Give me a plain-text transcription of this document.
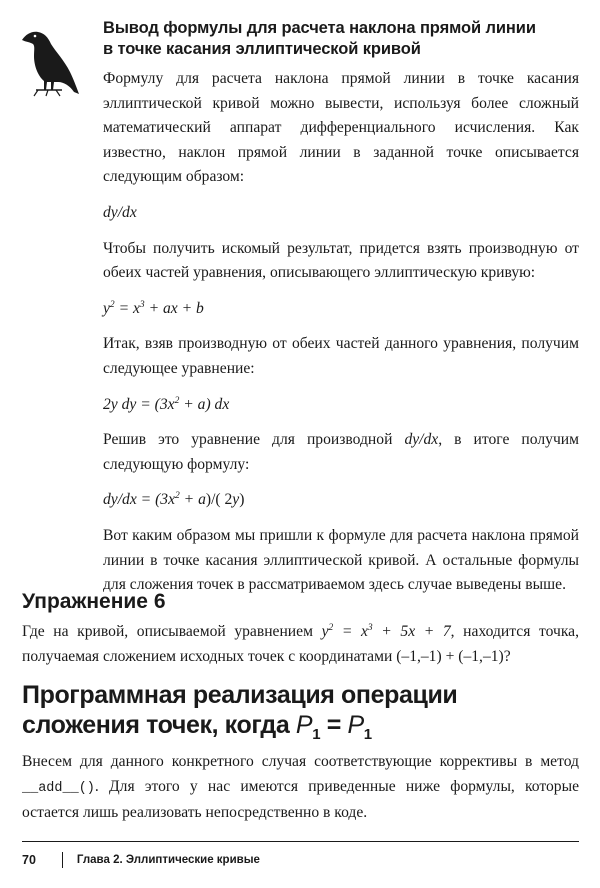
Вывод формулы для расчета наклона прямой линии
в точке касания эллиптической кривой

Формулу для расчета наклона прямой линии в точке касания эллиптической кривой можно вывести, используя более сложный математический аппарат дифференциального исчисления. Как известно, наклон прямой линии в заданной точке описывается следующим образом:

dy/dx

Чтобы получить искомый результат, придется взять производную от обеих частей уравнения, описывающего эллиптическую кривую:

$y^2 = x^3$ + ax + b

Итак, взяв производную от обеих частей данного уравнения, получим следующее уравнение:

2y dy = $(3x^2 + a)$ dx

Решив это уравнение для производной dy/dx, в итоге получим следующую формулу:

$dy/dx = (3x^2 + a)/$( 2y)

Вот каким образом мы пришли к формуле для расчета наклона прямой линии в точке касания эллиптической кривой. А остальные формулы для сложения точек в рассматриваемом здесь случае выведены выше.

Упражнение 6

Где на кривой, описываемой уравнением $y^2 = x^3 + 5x + 7$, находится точка, получаемая сложением исходных точек с координатами (–1,–1) + (–1,–1)?

Программная реализация операции
сложения точек, когда $P_1 = P_1$

Внесем для данного конкретного случая соответствующие коррективы в метод __add__(). Для этого у нас имеются приведенные ниже формулы, которые остается лишь реализовать непосредственно в коде.

70	Глава 2. Эллиптические кривые
